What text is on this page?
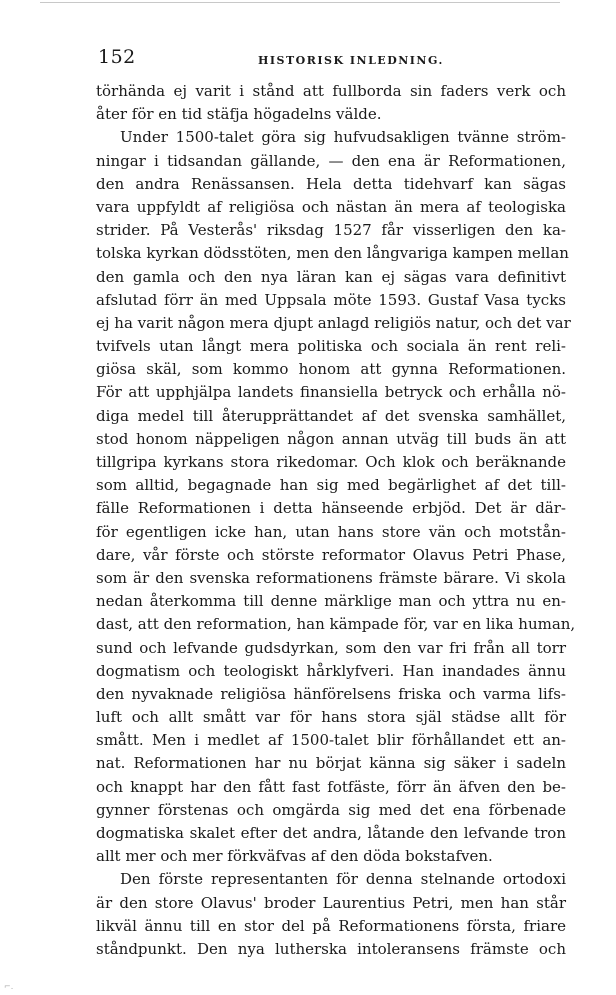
152	HISTORISK INLEDNING.
törhända ej varit i stånd att fullborda sin faders verk och
åter för en tid stäfja högadelns välde.
Under 1500-talet göra sig hufvudsakligen tvänne ström-
ningar i tidsandan gällande, — den ena är Reformationen,
den andra Renässansen. Hela detta tidehvarf kan sägas
vara uppfyldt af religiösa och nästan än mera af teologiska
strider. På Vesterås' riksdag 1527 får visserligen den ka-
tolska kyrkan dödsstöten, men den långvariga kampen mellan
den gamla och den nya läran kan ej sägas vara definitivt
afslutad förr än med Uppsala möte 1593. Gustaf Vasa tycks
ej ha varit någon mera djupt anlagd religiös natur, och det var
tvifvels utan långt mera politiska och sociala än rent reli-
giösa skäl, som kommo honom att gynna Reformationen.
För att upphjälpa landets finansiella betryck och erhålla nö-
diga medel till återupprättandet af det svenska samhället,
stod honom näppeligen någon annan utväg till buds än att
tillgripa kyrkans stora rikedomar. Och klok och beräknande
som alltid, begagnade han sig med begärlighet af det till-
fälle Reformationen i detta hänseende erbjöd. Det är där-
för egentligen icke han, utan hans store vän och motstån-
dare, vår förste och störste reformator Olavus Petri Phase,
som är den svenska reformationens främste bärare. Vi skola
nedan återkomma till denne märklige man och yttra nu en-
dast, att den reformation, han kämpade för, var en lika human,
sund och lefvande gudsdyrkan, som den var fri från all torr
dogmatism och teologiskt hårklyfveri. Han inandades ännu
den nyvaknade religiösa hänförelsens friska och varma lifs-
luft och allt smått var för hans stora själ städse allt för
smått. Men i medlet af 1500-talet blir förhållandet ett an-
nat. Reformationen har nu börjat känna sig säker i sadeln
och knappt har den fått fast fotfäste, förr än äfven den be-
gynner förstenas och omgärda sig med det ena förbenade
dogmatiska skalet efter det andra, låtande den lefvande tron
allt mer och mer förkväfvas af den döda bokstafven.
Den förste representanten för denna stelnande ortodoxi
är den store Olavus' broder Laurentius Petri, men han står
likväl ännu till en stor del på Reformationens första, friare
ståndpunkt. Den nya lutherska intoleransens främste och
⌐.
